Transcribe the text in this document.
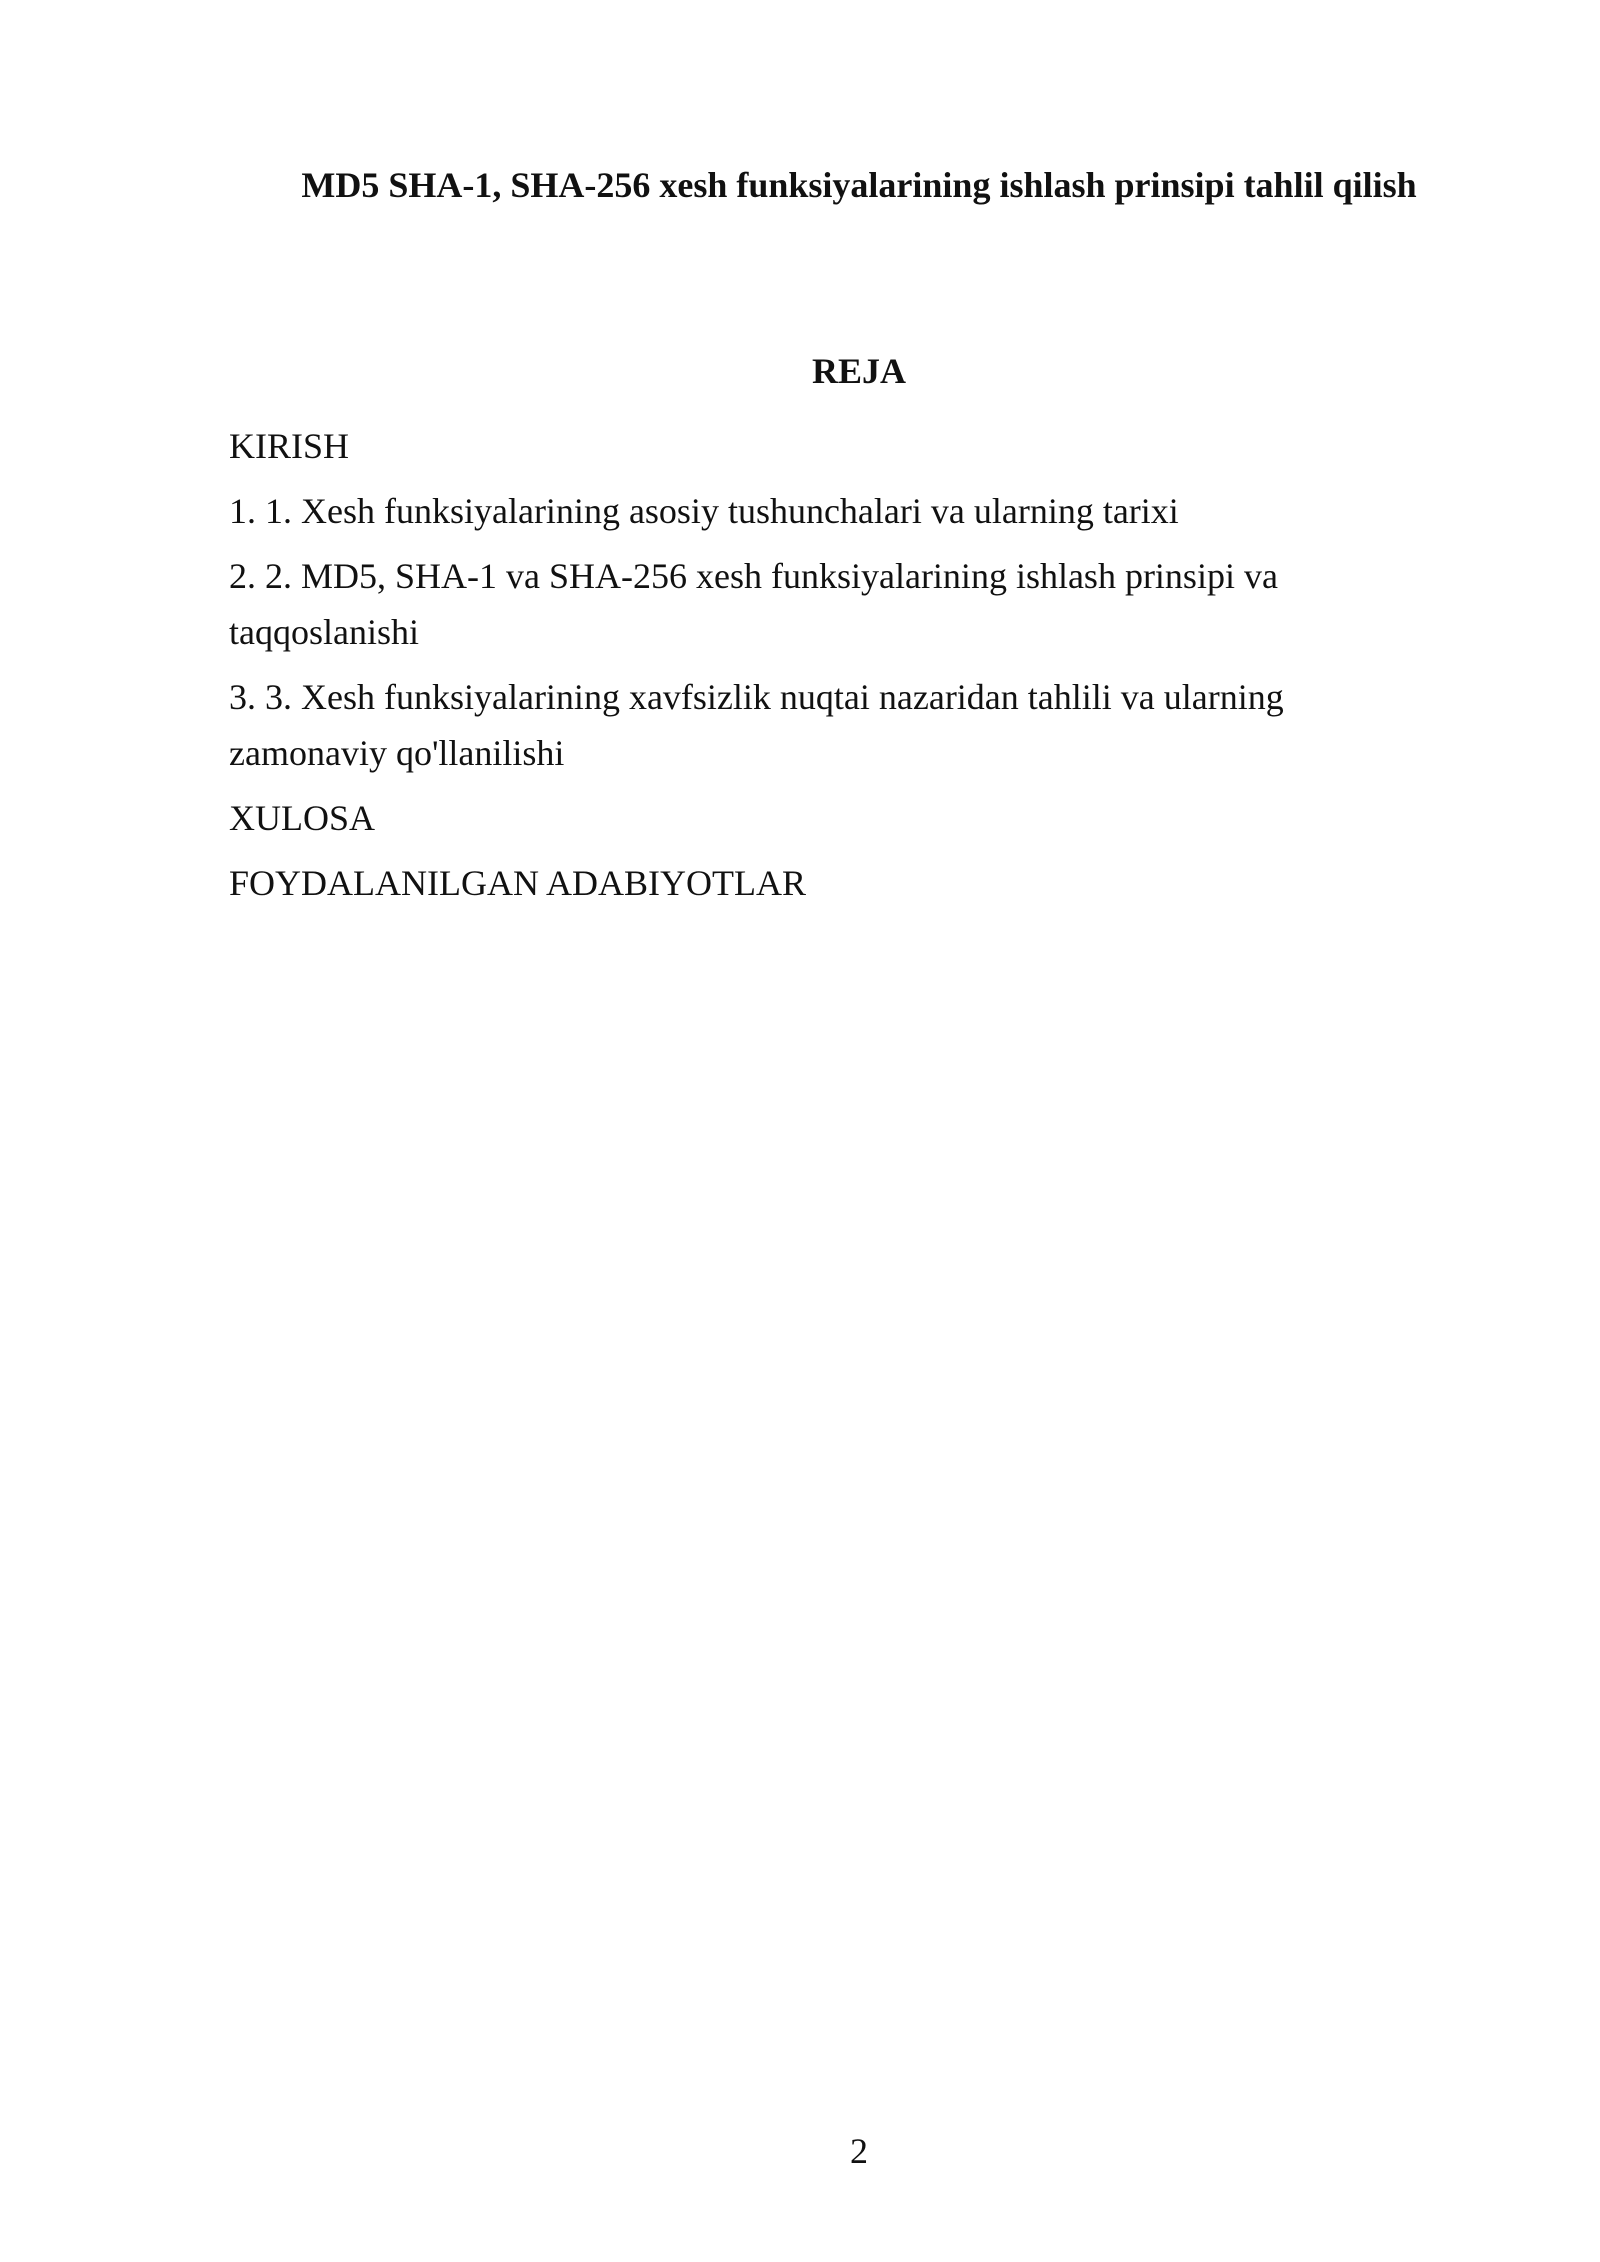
MD5 SHA-1, SHA-256 xesh funksiyalarining ishlash prinsipi tahlil qilish
REJA
KIRISH
1. 1. Xesh funksiyalarining asosiy tushunchalari va ularning tarixi
2. 2. MD5, SHA-1 va SHA-256 xesh funksiyalarining ishlash prinsipi va taqqoslanishi
3. 3. Xesh funksiyalarining xavfsizlik nuqtai nazaridan tahlili va ularning zamonaviy qo'llanilishi
XULOSA
FOYDALANILGAN ADABIYOTLAR
2
